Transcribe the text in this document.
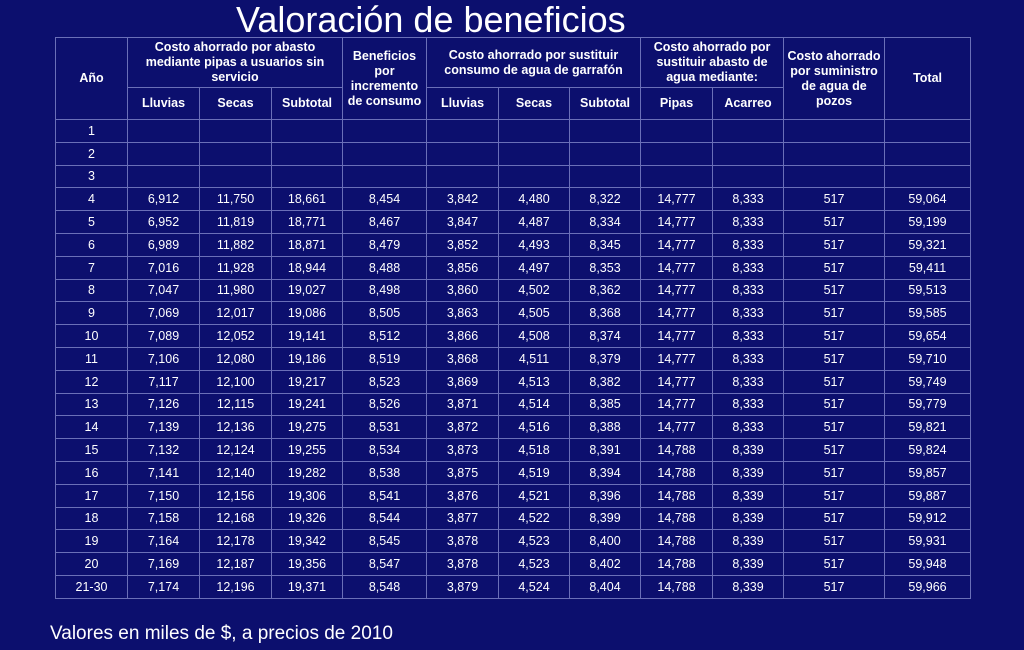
Valoración de beneficios
Año	Costo ahorrado por abasto mediante pipas a usuarios sin servicio			Beneficios por incremento de consumo	Costo ahorrado por sustituir consumo de agua de garrafón			Costo ahorrado por sustituir abasto de agua mediante:		Costo ahorrado por suministro de agua de pozos	Total
	Lluvias	Secas	Subtotal		Lluvias	Secas	Subtotal	Pipas	Acarreo		
1											
2											
3											
4	6,912	11,750	18,661	8,454	3,842	4,480	8,322	14,777	8,333	517	59,064
5	6,952	11,819	18,771	8,467	3,847	4,487	8,334	14,777	8,333	517	59,199
6	6,989	11,882	18,871	8,479	3,852	4,493	8,345	14,777	8,333	517	59,321
7	7,016	11,928	18,944	8,488	3,856	4,497	8,353	14,777	8,333	517	59,411
8	7,047	11,980	19,027	8,498	3,860	4,502	8,362	14,777	8,333	517	59,513
9	7,069	12,017	19,086	8,505	3,863	4,505	8,368	14,777	8,333	517	59,585
10	7,089	12,052	19,141	8,512	3,866	4,508	8,374	14,777	8,333	517	59,654
11	7,106	12,080	19,186	8,519	3,868	4,511	8,379	14,777	8,333	517	59,710
12	7,117	12,100	19,217	8,523	3,869	4,513	8,382	14,777	8,333	517	59,749
13	7,126	12,115	19,241	8,526	3,871	4,514	8,385	14,777	8,333	517	59,779
14	7,139	12,136	19,275	8,531	3,872	4,516	8,388	14,777	8,333	517	59,821
15	7,132	12,124	19,255	8,534	3,873	4,518	8,391	14,788	8,339	517	59,824
16	7,141	12,140	19,282	8,538	3,875	4,519	8,394	14,788	8,339	517	59,857
17	7,150	12,156	19,306	8,541	3,876	4,521	8,396	14,788	8,339	517	59,887
18	7,158	12,168	19,326	8,544	3,877	4,522	8,399	14,788	8,339	517	59,912
19	7,164	12,178	19,342	8,545	3,878	4,523	8,400	14,788	8,339	517	59,931
20	7,169	12,187	19,356	8,547	3,878	4,523	8,402	14,788	8,339	517	59,948
21-30	7,174	12,196	19,371	8,548	3,879	4,524	8,404	14,788	8,339	517	59,966
Valores en miles de $, a precios de 2010
